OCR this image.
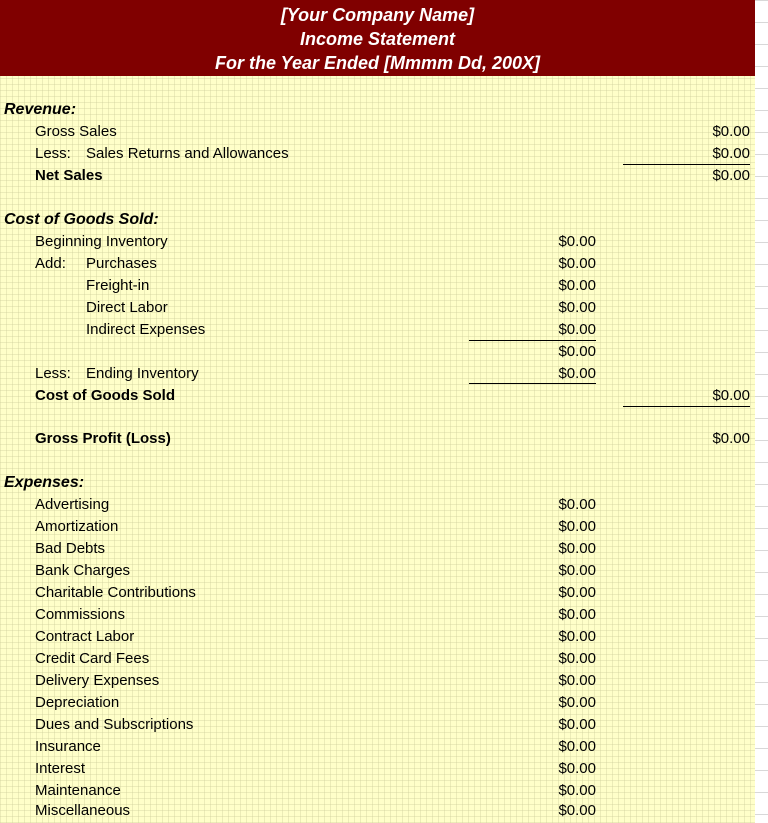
[Your Company Name]
Income Statement
For the Year Ended [Mmmm Dd, 200X]
Revenue:
Gross Sales	$0.00
Less: Sales Returns and Allowances	$0.00
Net Sales	$0.00
Cost of Goods Sold:
Beginning Inventory	$0.00
Add: Purchases	$0.00
Freight-in	$0.00
Direct Labor	$0.00
Indirect Expenses	$0.00
$0.00
Less: Ending Inventory	$0.00
Cost of Goods Sold	$0.00
Gross Profit (Loss)	$0.00
Expenses:
Advertising	$0.00
Amortization	$0.00
Bad Debts	$0.00
Bank Charges	$0.00
Charitable Contributions	$0.00
Commissions	$0.00
Contract Labor	$0.00
Credit Card Fees	$0.00
Delivery Expenses	$0.00
Depreciation	$0.00
Dues and Subscriptions	$0.00
Insurance	$0.00
Interest	$0.00
Maintenance	$0.00
Miscellaneous	$0.00
